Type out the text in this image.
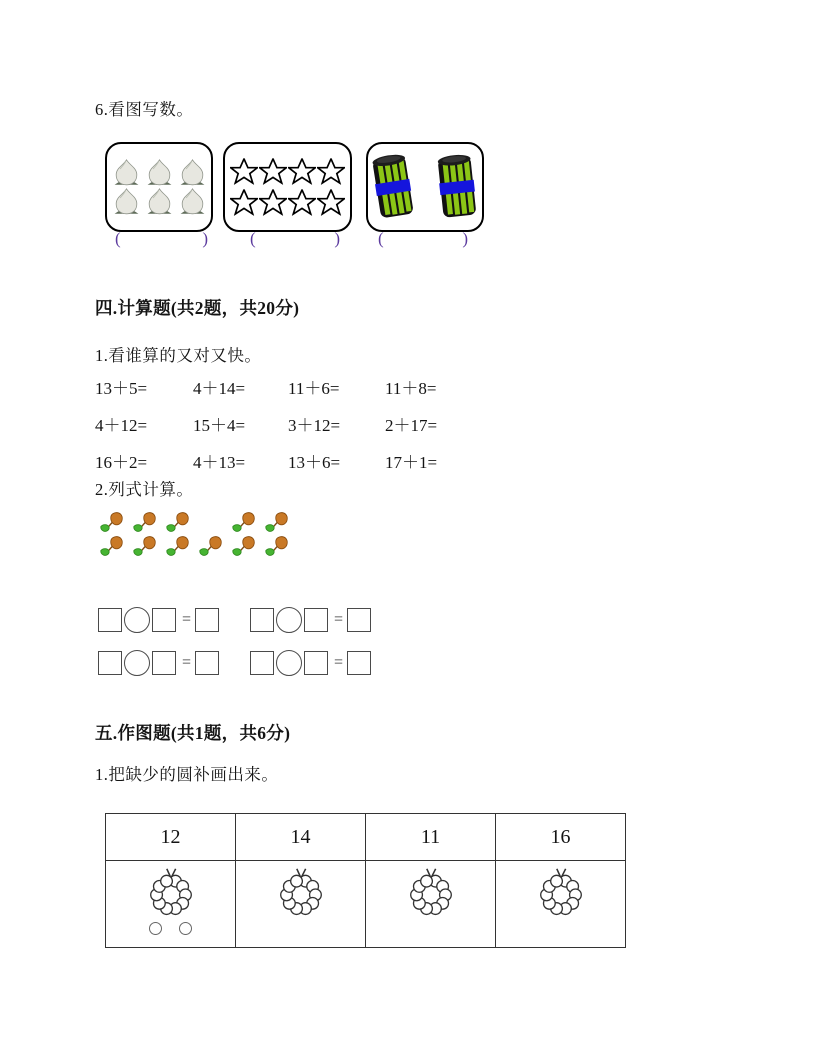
6.看图写数。
(	) (	) (	)
四.计算题(共2题，共20分)
1.看谁算的又对又快。
13＋5=	4＋14=	11＋6=	11＋8=
4＋12=	15＋4=	3＋12=	2＋17=
16＋2=	4＋13=	13＋6=	17＋1=
2.列式计算。
=	=
=	=
五.作图题(共1题，共6分)
1.把缺少的圆补画出来。
12	14	11	16
